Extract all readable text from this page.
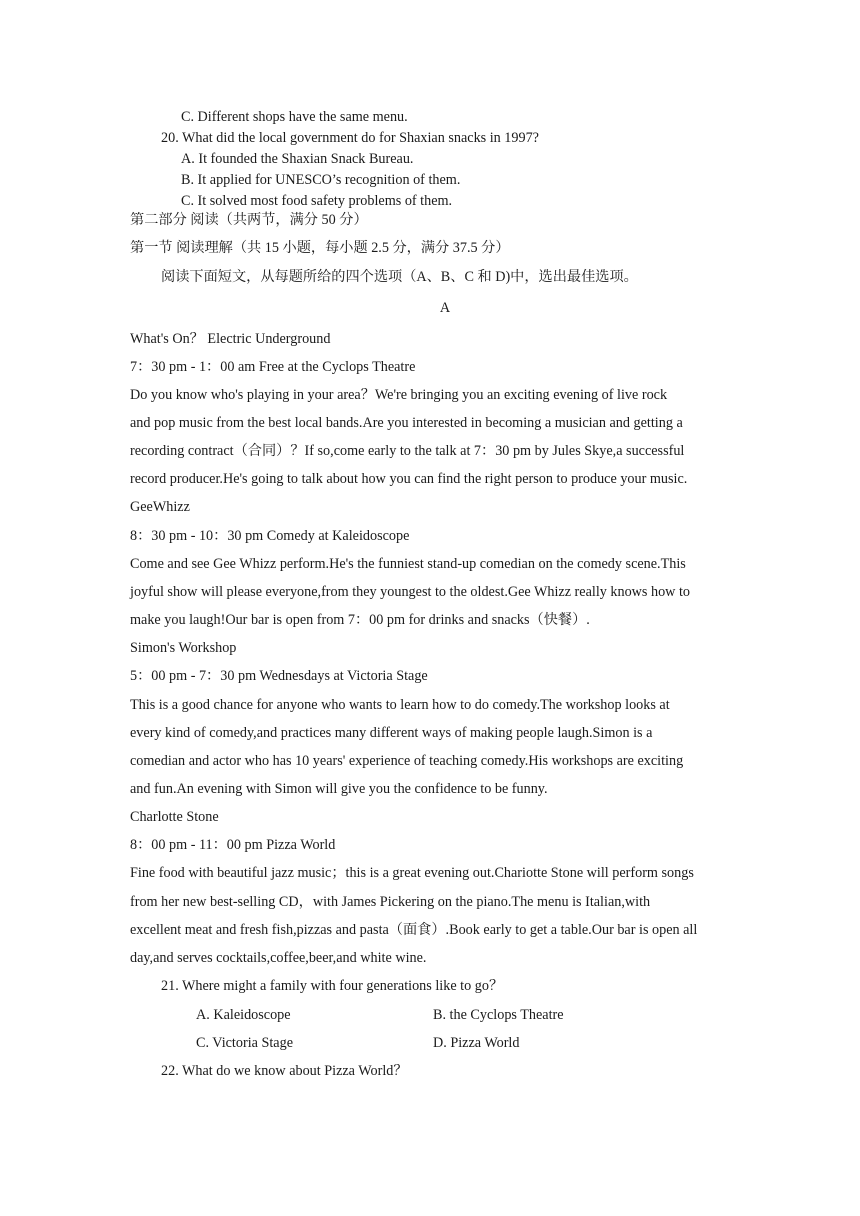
C. Different shops have the same menu.
20. What did the local government do for Shaxian snacks in 1997?
A. It founded the Shaxian Snack Bureau.
B. It applied for UNESCO’s recognition of them.
C. It solved most food safety problems of them.
第二部分 阅读（共两节，满分 50 分）
第一节 阅读理解（共 15 小题，每小题 2.5 分，满分 37.5 分）
阅读下面短文，从每题所给的四个选项（A、B、C 和 D)中，选出最佳选项。
A
What's On？ Electric Underground
7：30 pm - 1：00 am Free at the Cyclops Theatre
Do you know who's playing in your area？We're bringing you an exciting evening of live rock
and pop music from the best local bands.Are you interested in becoming a musician and getting a
recording contract（合同）？If so,come early to the talk at 7：30 pm by Jules Skye,a successful
record producer.He's going to talk about how you can find the right person to produce your music.
GeeWhizz
8：30 pm - 10：30 pm Comedy at Kaleidoscope
Come and see Gee Whizz perform.He's the funniest stand-up comedian on the comedy scene.This
joyful show will please everyone,from they youngest to the oldest.Gee Whizz really knows how to
make you laugh!Our bar is open from 7：00 pm for drinks and snacks（快餐）.
Simon's Workshop
5：00 pm - 7：30 pm Wednesdays at Victoria Stage
This is a good chance for anyone who wants to learn how to do comedy.The workshop looks at
every kind of comedy,and practices many different ways of making people laugh.Simon is a
comedian and actor who has 10 years' experience of teaching comedy.His workshops are exciting
and fun.An evening with Simon will give you the confidence to be funny.
Charlotte Stone
8：00 pm - 11：00 pm Pizza World
Fine food with beautiful jazz music；this is a great evening out.Chariotte Stone will perform songs
from her new best-selling CD，with James Pickering on the piano.The menu is Italian,with
excellent meat and fresh fish,pizzas and pasta（面食）.Book early to get a table.Our bar is open all
day,and serves cocktails,coffee,beer,and white wine.
21. Where might a family with four generations like to go？
A. Kaleidoscope	B. the Cyclops Theatre
C. Victoria Stage	D. Pizza World
22. What do we know about Pizza World？
